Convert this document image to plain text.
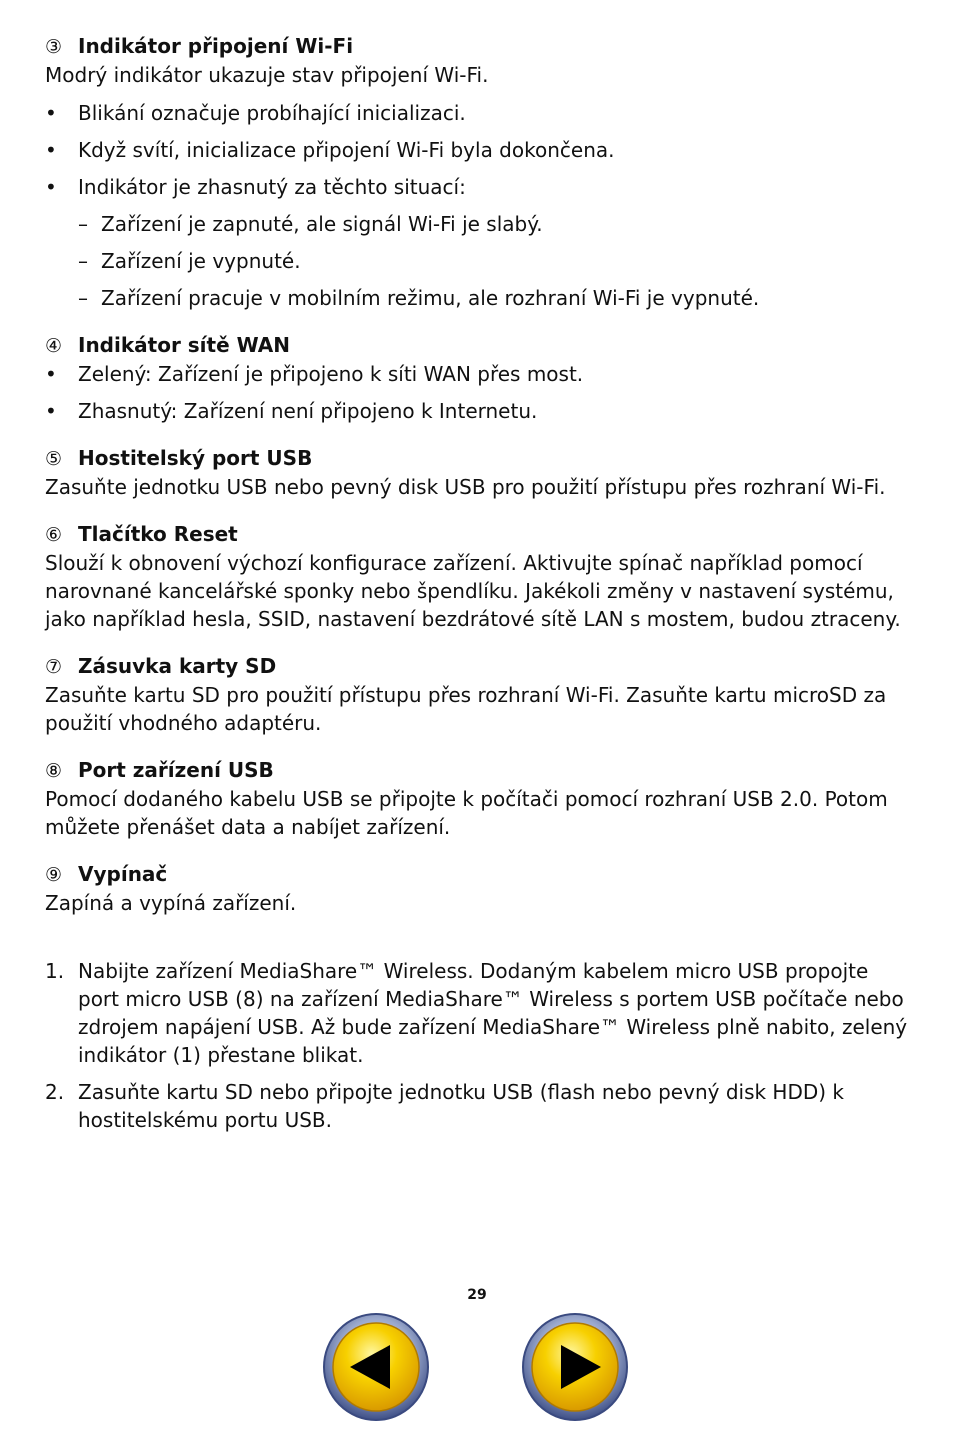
③ Indikátor připojení Wi-Fi

Modrý indikátor ukazuje stav připojení Wi-Fi.

•	Blikání označuje probíhající inicializaci.
•	Když svítí, inicializace připojení Wi-Fi byla dokončena.
•	Indikátor je zhasnutý za těchto situací:
– Zařízení je zapnuté, ale signál Wi-Fi je slabý.
– Zařízení je vypnuté.
– Zařízení pracuje v mobilním režimu, ale rozhraní Wi-Fi je vypnuté.
④ Indikátor sítě WAN
•	Zelený: Zařízení je připojeno k síti WAN přes most.
•	Zhasnutý: Zařízení není připojeno k Internetu.
⑤ Hostitelský port USB

Zasuňte jednotku USB nebo pevný disk USB pro použití přístupu přes rozhraní Wi-Fi.

⑥ Tlačítko Reset

Slouží k obnovení výchozí konfigurace zařízení. Aktivujte spínač například pomocí narovnané kancelářské sponky nebo špendlíku. Jakékoli změny v nastavení systému, jako například hesla, SSID, nastavení bezdrátové sítě LAN s mostem, budou ztraceny.

⑦ Zásuvka karty SD

Zasuňte kartu SD pro použití přístupu přes rozhraní Wi-Fi. Zasuňte kartu microSD za použití vhodného adaptéru.

⑧ Port zařízení USB

Pomocí dodaného kabelu USB se připojte k počítači pomocí rozhraní USB 2.0. Potom můžete přenášet data a nabíjet zařízení.

⑨ Vypínač

Zapíná a vypíná zařízení.

1. Nabijte zařízení MediaShare™ Wireless. Dodaným kabelem micro USB propojte port micro USB (8) na zařízení MediaShare™ Wireless s portem USB počítače nebo zdrojem napájení USB. Až bude zařízení MediaShare™ Wireless plně nabito, zelený indikátor (1) přestane blikat.
2. Zasuňte kartu SD nebo připojte jednotku USB (flash nebo pevný disk HDD) k hostitelskému portu USB.
29
